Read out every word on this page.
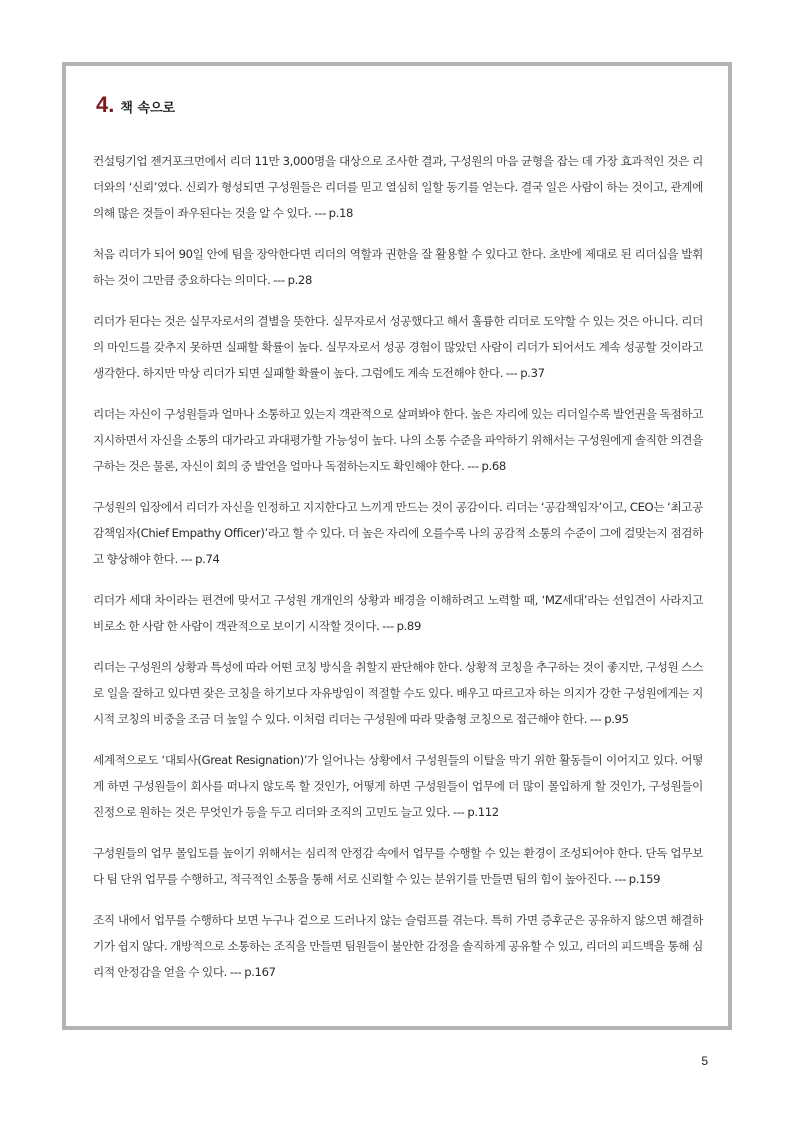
4. 책 속으로

컨설팅기업 젠거포크먼에서 리더 11만 3,000명을 대상으로 조사한 결과, 구성원의 마음 균형을 잡는 데 가장 효과적인 것은 리더와의 ‘신뢰’였다. 신뢰가 형성되면 구성원들은 리더를 믿고 열심히 일할 동기를 얻는다. 결국 일은 사람이 하는 것이고, 관계에 의해 많은 것들이 좌우된다는 것을 알 수 있다. --- p.18

처음 리더가 되어 90일 안에 팀을 장악한다면 리더의 역할과 권한을 잘 활용할 수 있다고 한다. 초반에 제대로 된 리더십을 발휘하는 것이 그만큼 중요하다는 의미다. --- p.28

리더가 된다는 것은 실무자로서의 결별을 뜻한다. 실무자로서 성공했다고 해서 훌륭한 리더로 도약할 수 있는 것은 아니다. 리더의 마인드를 갖추지 못하면 실패할 확률이 높다. 실무자로서 성공 경험이 많았던 사람이 리더가 되어서도 계속 성공할 것이라고 생각한다. 하지만 막상 리더가 되면 실패할 확률이 높다. 그럼에도 계속 도전해야 한다. --- p.37

리더는 자신이 구성원들과 얼마나 소통하고 있는지 객관적으로 살펴봐야 한다. 높은 자리에 있는 리더일수록 발언권을 독점하고 지시하면서 자신을 소통의 대가라고 과대평가할 가능성이 높다. 나의 소통 수준을 파악하기 위해서는 구성원에게 솔직한 의견을 구하는 것은 물론, 자신이 회의 중 발언을 얼마나 독점하는지도 확인해야 한다. --- p.68

구성원의 입장에서 리더가 자신을 인정하고 지지한다고 느끼게 만드는 것이 공감이다. 리더는 ‘공감책임자’이고, CEO는 ‘최고공감책임자(Chief Empathy Officer)’라고 할 수 있다. 더 높은 자리에 오를수록 나의 공감적 소통의 수준이 그에 걸맞는지 점검하고 향상해야 한다. --- p.74

리더가 세대 차이라는 편견에 맞서고 구성원 개개인의 상황과 배경을 이해하려고 노력할 때, ‘MZ세대’라는 선입견이 사라지고 비로소 한 사람 한 사람이 객관적으로 보이기 시작할 것이다. --- p.89

리더는 구성원의 상황과 특성에 따라 어떤 코칭 방식을 취할지 판단해야 한다. 상황적 코칭을 추구하는 것이 좋지만, 구성원 스스로 일을 잘하고 있다면 잦은 코칭을 하기보다 자유방임이 적절할 수도 있다. 배우고 따르고자 하는 의지가 강한 구성원에게는 지시적 코칭의 비중을 조금 더 높일 수 있다. 이처럼 리더는 구성원에 따라 맞춤형 코칭으로 접근해야 한다. --- p.95

세계적으로도 ‘대퇴사(Great Resignation)’가 일어나는 상황에서 구성원들의 이탈을 막기 위한 활동들이 이어지고 있다. 어떻게 하면 구성원들이 회사를 떠나지 않도록 할 것인가, 어떻게 하면 구성원들이 업무에 더 많이 몰입하게 할 것인가, 구성원들이 진정으로 원하는 것은 무엇인가 등을 두고 리더와 조직의 고민도 늘고 있다. --- p.112

구성원들의 업무 몰입도를 높이기 위해서는 심리적 안정감 속에서 업무를 수행할 수 있는 환경이 조성되어야 한다. 단독 업무보다 팀 단위 업무를 수행하고, 적극적인 소통을 통해 서로 신뢰할 수 있는 분위기를 만들면 팀의 힘이 높아진다. --- p.159

조직 내에서 업무를 수행하다 보면 누구나 겉으로 드러나지 않는 슬럼프를 겪는다. 특히 가면 증후군은 공유하지 않으면 해결하기가 쉽지 않다. 개방적으로 소통하는 조직을 만들면 팀원들이 불안한 감정을 솔직하게 공유할 수 있고, 리더의 피드백을 통해 심리적 안정감을 얻을 수 있다. --- p.167

5
